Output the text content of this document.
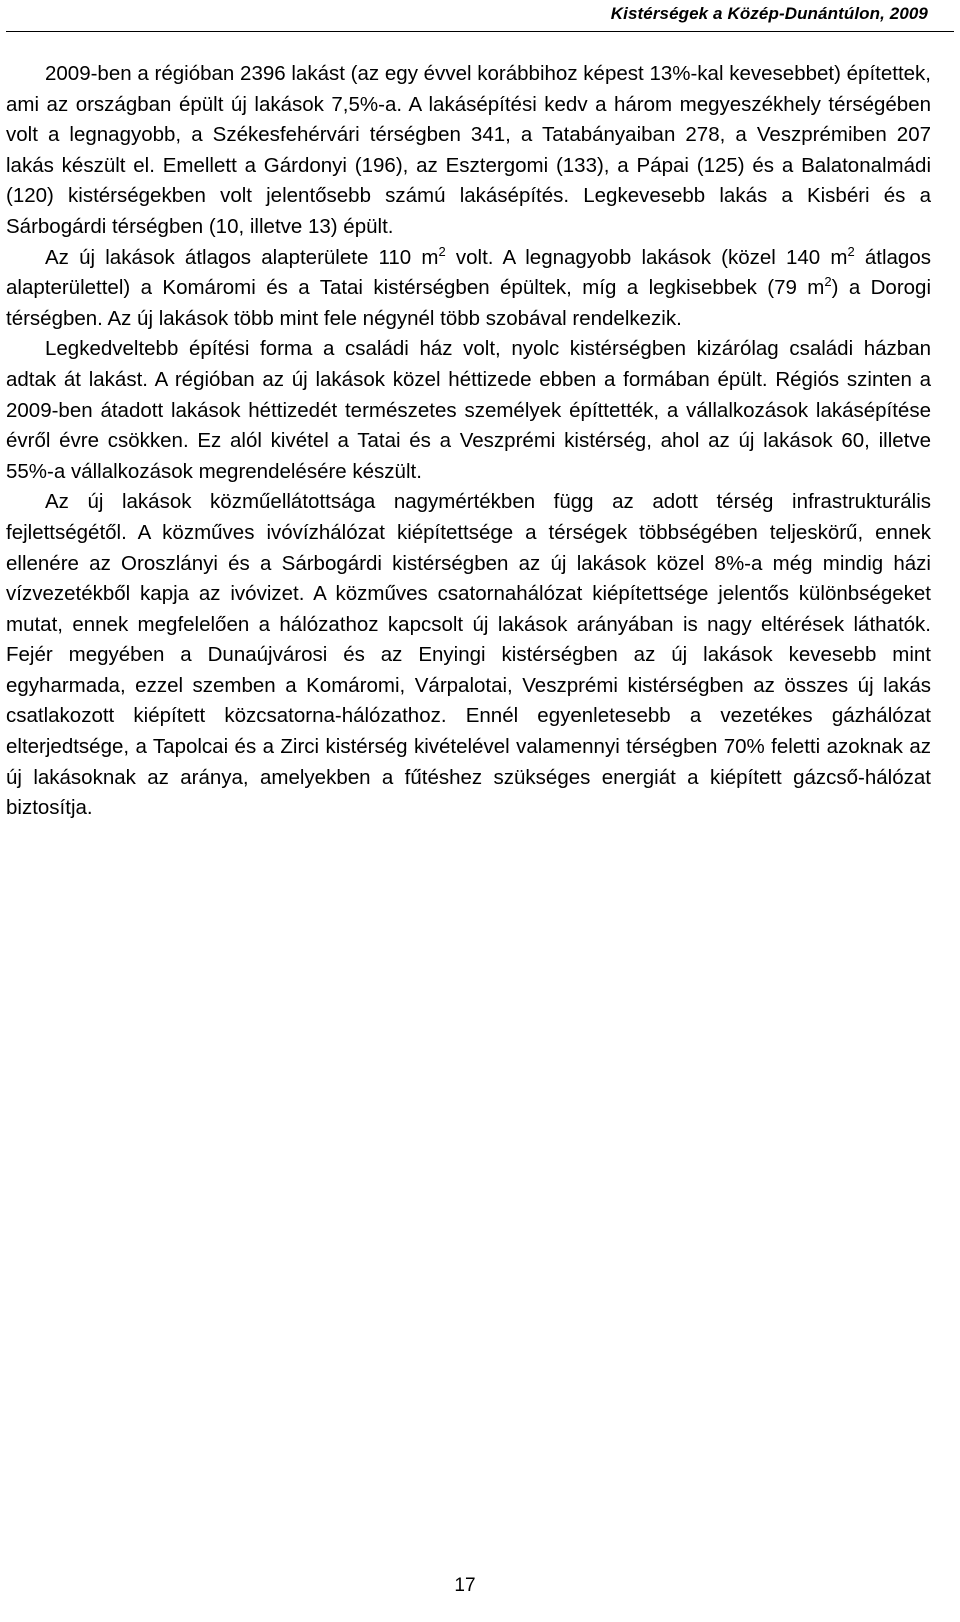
Kistérségek a Közép-Dunántúlon, 2009

2009-ben a régióban 2396 lakást (az egy évvel korábbihoz képest 13%-kal kevesebbet) építettek, ami az országban épült új lakások 7,5%-a. A lakásépítési kedv a három megyeszékhely térségében volt a legnagyobb, a Székesfehérvári térségben 341, a Tatabányaiban 278, a Veszprémiben 207 lakás készült el. Emellett a Gárdonyi (196), az Esztergomi (133), a Pápai (125) és a Balatonalmádi (120) kistérségekben volt jelentősebb számú lakásépítés. Legkevesebb lakás a Kisbéri és a Sárbogárdi térségben (10, illetve 13) épült.

Az új lakások átlagos alapterülete 110 $m^2$ volt. A legnagyobb lakások (közel 140 $m^2$ átlagos alapterülettel) a Komáromi és a Tatai kistérségben épültek, míg a legkisebbek (79 $m^2$) a Dorogi térségben. Az új lakások több mint fele négynél több szobával rendelkezik.

Legkedveltebb építési forma a családi ház volt, nyolc kistérségben kizárólag családi házban adtak át lakást. A régióban az új lakások közel héttizede ebben a formában épült. Régiós szinten a 2009-ben átadott lakások héttizedét természetes személyek építtették, a vállalkozások lakásépítése évről évre csökken. Ez alól kivétel a Tatai és a Veszprémi kistérség, ahol az új lakások 60, illetve 55%-a vállalkozások megrendelésére készült.

Az új lakások közműellátottsága nagymértékben függ az adott térség infrastrukturális fejlettségétől. A közműves ivóvízhálózat kiépítettsége a térségek többségében teljeskörű, ennek ellenére az Oroszlányi és a Sárbogárdi kistérségben az új lakások közel 8%-a még mindig házi vízvezetékből kapja az ivóvizet. A közműves csatornahálózat kiépítettsége jelentős különbségeket mutat, ennek megfelelően a hálózathoz kapcsolt új lakások arányában is nagy eltérések láthatók. Fejér megyében a Dunaújvárosi és az Enyingi kistérségben az új lakások kevesebb mint egyharmada, ezzel szemben a Komáromi, Várpalotai, Veszprémi kistérségben az összes új lakás csatlakozott kiépített közcsatorna-hálózathoz. Ennél egyenletesebb a vezetékes gázhálózat elterjedtsége, a Tapolcai és a Zirci kistérség kivételével valamennyi térségben 70% feletti azoknak az új lakásoknak az aránya, amelyekben a fűtéshez szükséges energiát a kiépített gázcső-hálózat biztosítja.

17
